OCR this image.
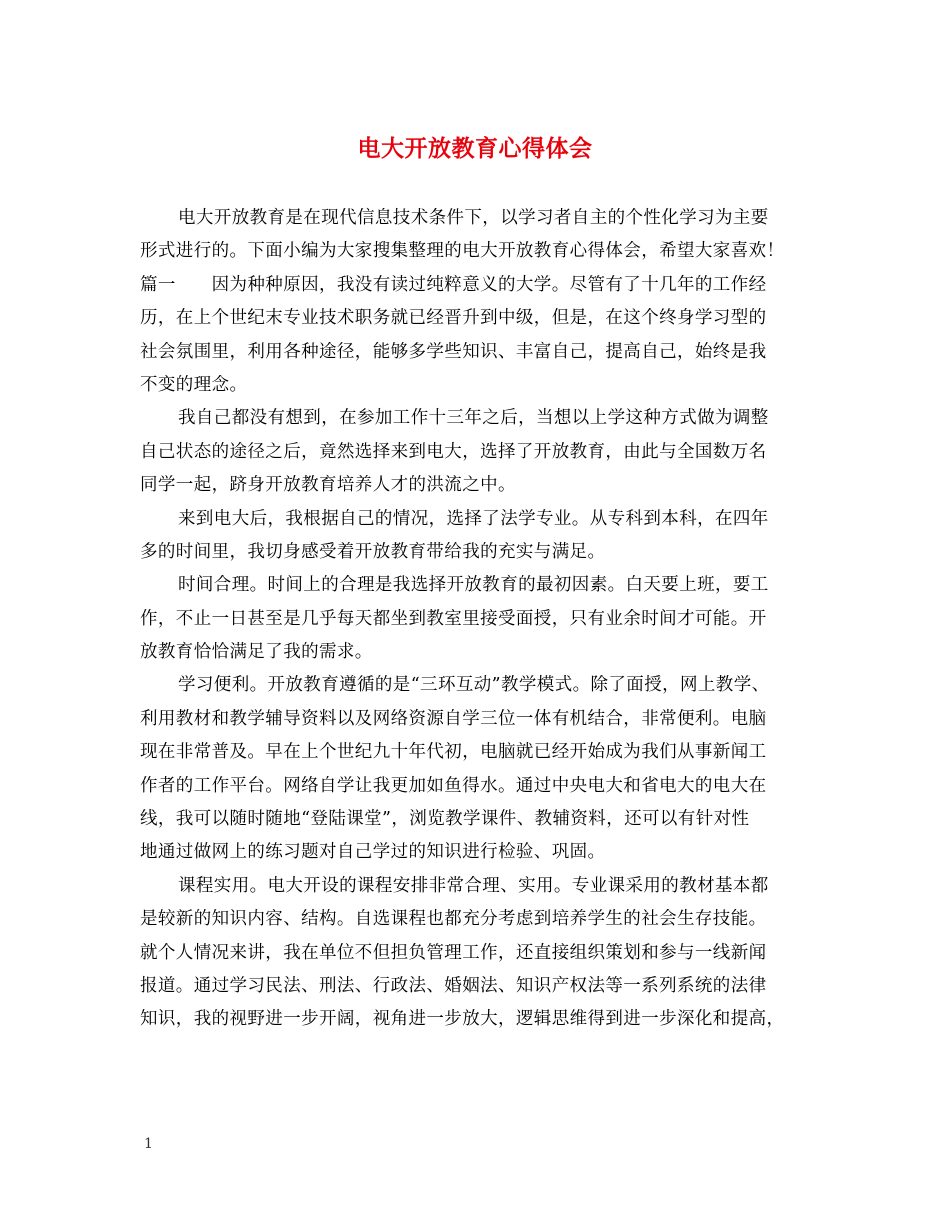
电大开放教育心得体会
电大开放教育是在现代信息技术条件下，以学习者自主的个性化学习为主要
形式进行的。下面小编为大家搜集整理的电大开放教育心得体会，希望大家喜欢！
篇一　　因为种种原因，我没有读过纯粹意义的大学。尽管有了十几年的工作经
历，在上个世纪末专业技术职务就已经晋升到中级，但是，在这个终身学习型的
社会氛围里，利用各种途径，能够多学些知识、丰富自己，提高自己，始终是我
不变的理念。
我自己都没有想到，在参加工作十三年之后，当想以上学这种方式做为调整
自己状态的途径之后，竟然选择来到电大，选择了开放教育，由此与全国数万名
同学一起，跻身开放教育培养人才的洪流之中。
来到电大后，我根据自己的情况，选择了法学专业。从专科到本科，在四年
多的时间里，我切身感受着开放教育带给我的充实与满足。
时间合理。时间上的合理是我选择开放教育的最初因素。白天要上班，要工
作，不止一日甚至是几乎每天都坐到教室里接受面授，只有业余时间才可能。开
放教育恰恰满足了我的需求。
学习便利。开放教育遵循的是“三环互动”教学模式。除了面授，网上教学、
利用教材和教学辅导资料以及网络资源自学三位一体有机结合，非常便利。电脑
现在非常普及。早在上个世纪九十年代初，电脑就已经开始成为我们从事新闻工
作者的工作平台。网络自学让我更加如鱼得水。通过中央电大和省电大的电大在
线，我可以随时随地“登陆课堂”，浏览教学课件、教辅资料，还可以有针对性
地通过做网上的练习题对自己学过的知识进行检验、巩固。
课程实用。电大开设的课程安排非常合理、实用。专业课采用的教材基本都
是较新的知识内容、结构。自选课程也都充分考虑到培养学生的社会生存技能。
就个人情况来讲，我在单位不但担负管理工作，还直接组织策划和参与一线新闻
报道。通过学习民法、刑法、行政法、婚姻法、知识产权法等一系列系统的法律
知识，我的视野进一步开阔，视角进一步放大，逻辑思维得到进一步深化和提高，
1
